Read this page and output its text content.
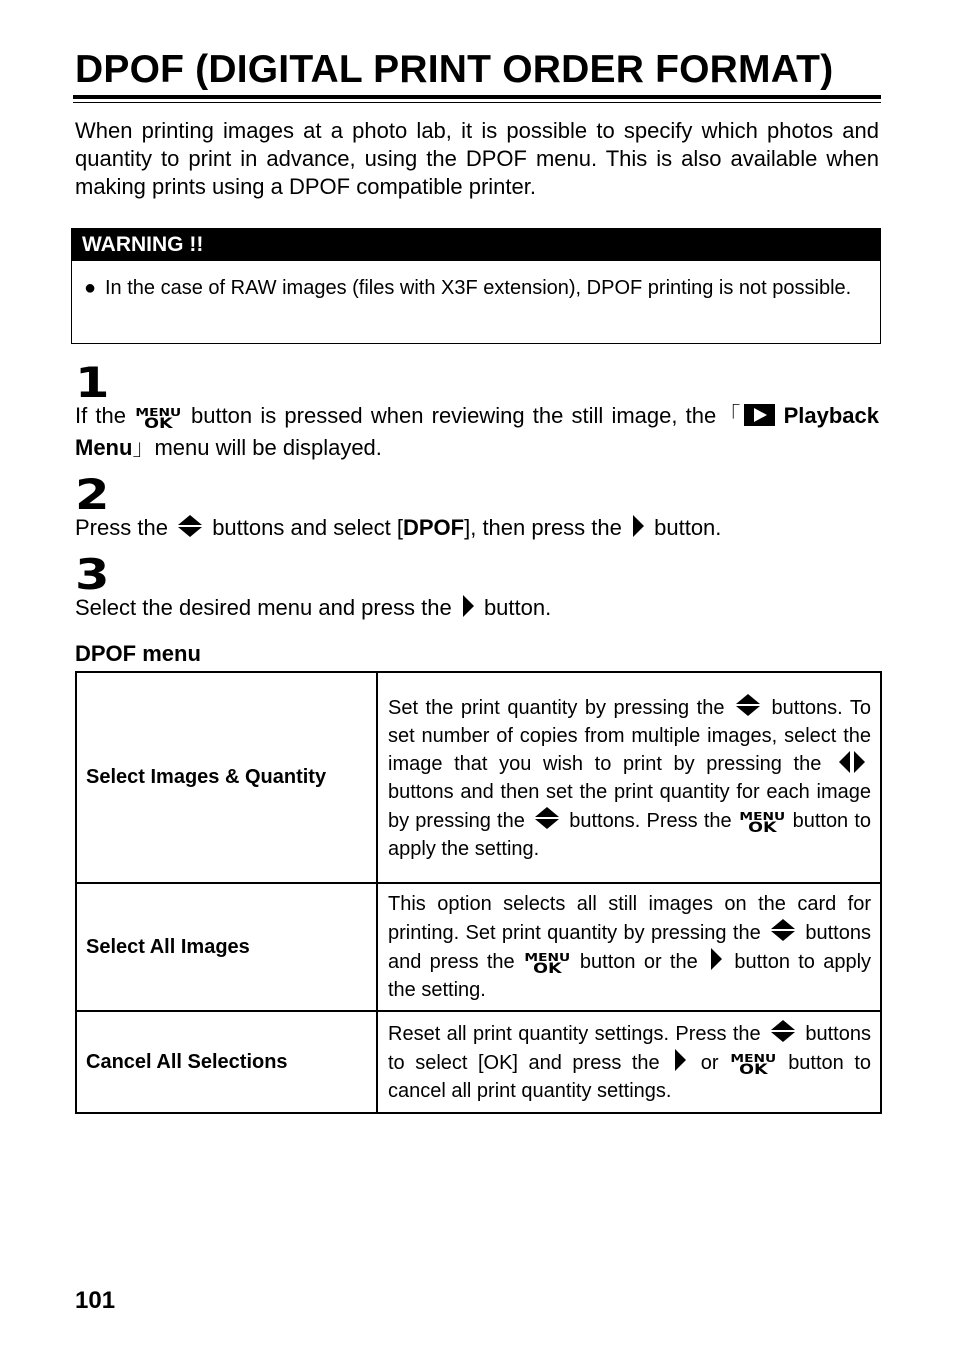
DPOF (DIGITAL PRINT ORDER FORMAT)

When printing images at a photo lab, it is possible to specify which photos and quantity to print in advance, using the DPOF menu. This is also available when making prints using a DPOF compatible printer.

WARNING !!
● In the case of RAW images (files with X3F extension), DPOF printing is not possible.
1
If the MENU
OK button is pressed when reviewing the still image, the「 Playback Menu」menu will be displayed.
2
Press the buttons and select [DPOF], then press the button.
3
Select the desired menu and press the button.
DPOF menu
Select Images & Quantity	Set the print quantity by pressing the buttons. To set number of copies from multiple images, select the image that you wish to print by pressing the  buttons and then set the print quantity for each image by pressing the buttons. Press the MENU
OK button to apply the setting.
Select All Images	This option selects all still images on the card for printing. Set print quantity by pressing the buttons and press the MENU
OK button or the button to apply the setting.
Cancel All Selections	Reset all print quantity settings. Press the buttons to select [OK] and press the or MENU
OK button to cancel all print quantity settings.

101
